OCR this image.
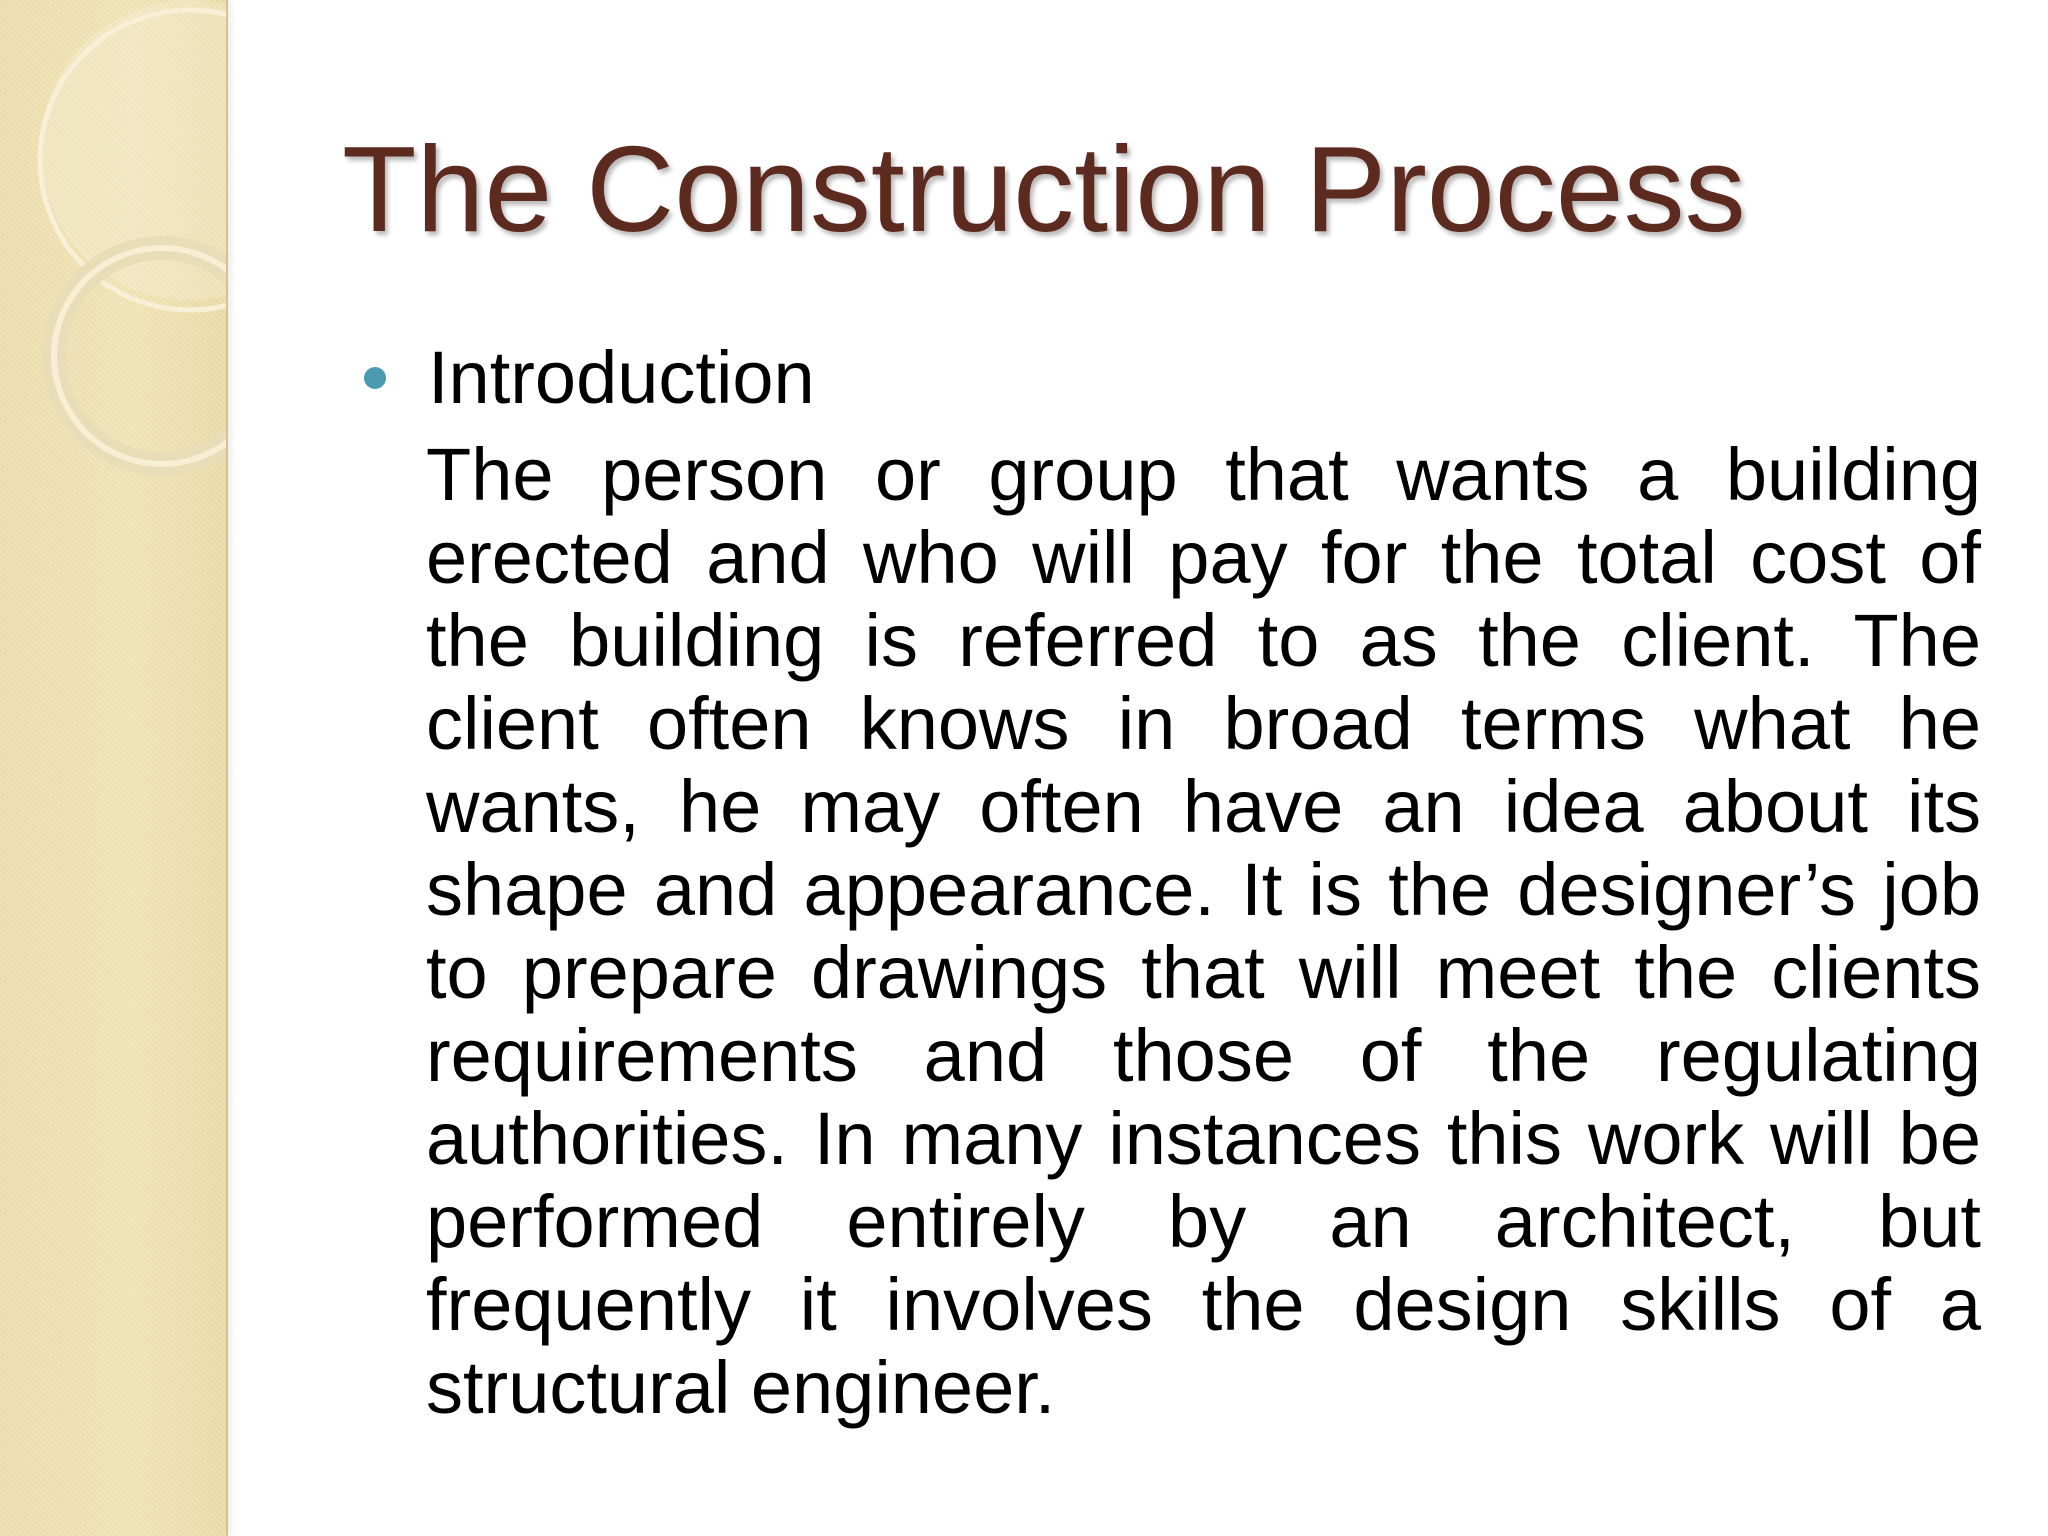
The Construction Process
Introduction

The person or group that wants a building erected and who will pay for the total cost of the building is referred to as the client. The client often knows in broad terms what he wants, he may often have an idea about its shape and appearance. It is the designer’s job to prepare drawings that will meet the clients requirements and those of the regulating authorities. In many instances this work will be performed entirely by an architect, but frequently it involves the design skills of a structural engineer.
